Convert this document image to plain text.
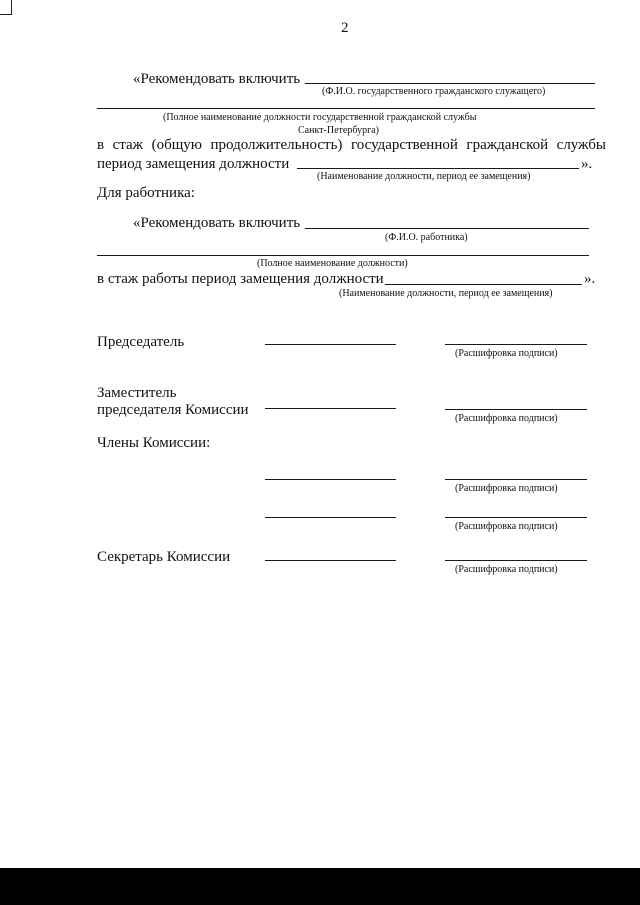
2
«Рекомендовать включить
(Ф.И.О. государственного гражданского служащего)
(Полное наименование должности государственной гражданской службы
Санкт-Петербурга)
в стаж (общую продолжительность) государственной гражданской службы
период замещения должности	».
(Наименование должности, период ее замещения)
Для работника:
«Рекомендовать включить
(Ф.И.О. работника)
(Полное наименование должности)
в стаж работы период замещения должности	».
(Наименование должности, период ее замещения)
Председатель
(Расшифровка подписи)
Заместитель
председателя Комиссии
(Расшифровка подписи)
Члены Комиссии:
(Расшифровка подписи)
(Расшифровка подписи)
Секретарь Комиссии
(Расшифровка подписи)
